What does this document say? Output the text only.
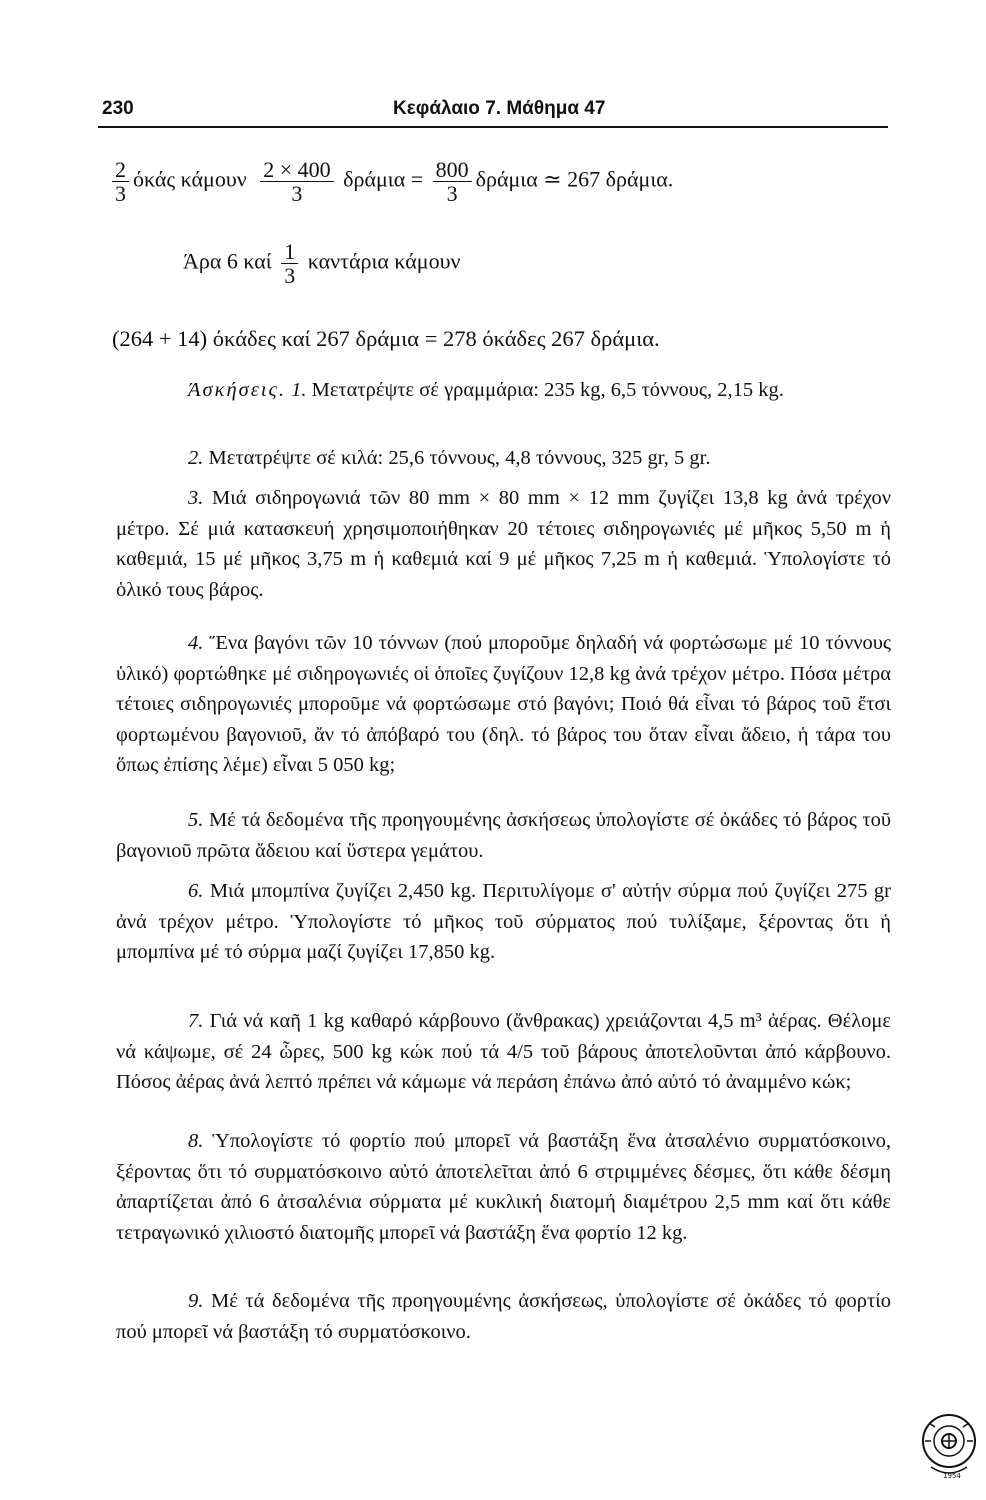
230	Κεφάλαιο 7. Μάθημα 47
$\frac{2}{3}$ όκάς κάμουν $\frac{2 \times 400}{3}$ $\delta\rho ά\mu\iota\alpha = \frac{800}{3}$ δράμια ≃ 267 δράμια.
Άρα 6 καί $\frac{1}{3}$ καντάρια κάμουν
(264 + 14) όκάδες καί 267 δράμια = 278 όκάδες 267 δράμια.
Άσκήσεις. 1. Μετατρέψτε σέ γραμμάρια: 235 kg, 6,5 τόννους, 2,15 kg.
2. Μετατρέψτε σέ κιλά: 25,6 τόννους, 4,8 τόννους, 325 gr, 5 gr.
3. Μιά σιδηρογωνιά τῶν 80 mm × 80 mm × 12 mm ζυγίζει 13,8 kg ἀνά τρέχον μέτρο. Σέ μιά κατασκευή χρησιμοποιήθηκαν 20 τέτοιες σιδηρογωνιές μέ μῆκος 5,50 m ἡ καθεμιά, 15 μέ μῆκος 3,75 m ἡ καθεμιά καί 9 μέ μῆκος 7,25 m ἡ καθεμιά. Ὑπολογίστε τό ὁλικό τους βάρος.
4. Ἕνα βαγόνι τῶν 10 τόννων (πού μποροῦμε δηλαδή νά φορτώσωμε μέ 10 τόννους ὑλικό) φορτώθηκε μέ σιδηρογωνιές οἱ ὁποῖες ζυγίζουν 12,8 kg ἀνά τρέχον μέτρο. Πόσα μέτρα τέτοιες σιδηρογωνιές μποροῦμε νά φορτώσωμε στό βαγόνι; Ποιό θά εἶναι τό βάρος τοῦ ἔτσι φορτωμένου βαγονιοῦ, ἄν τό ἀπόβαρό του (δηλ. τό βάρος του ὅταν εἶναι ἄδειο, ἡ τάρα του ὅπως ἐπίσης λέμε) εἶναι 5 050 kg;
5. Μέ τά δεδομένα τῆς προηγουμένης ἀσκήσεως ὑπολογίστε σέ ὀκάδες τό βάρος τοῦ βαγονιοῦ πρῶτα ἄδειου καί ὕστερα γεμάτου.
6. Μιά μπομπίνα ζυγίζει 2,450 kg. Περιτυλίγομε σ' αὐτήν σύρμα πού ζυγίζει 275 gr ἀνά τρέχον μέτρο. Ὑπολογίστε τό μῆκος τοῦ σύρματος πού τυλίξαμε, ξέροντας ὅτι ἡ μπομπίνα μέ τό σύρμα μαζί ζυγίζει 17,850 kg.
7. Γιά νά καῆ 1 kg καθαρό κάρβουνο (ἄνθρακας) χρειάζονται 4,5 m³ ἀέρας. Θέλομε νά κάψωμε, σέ 24 ὧρες, 500 kg κώκ πού τά 4/5 τοῦ βάρους ἀποτελοῦνται ἀπό κάρβουνο. Πόσος ἀέρας ἀνά λεπτό πρέπει νά κάμωμε νά περάση ἐπάνω ἀπό αὐτό τό ἀναμμένο κώκ;
8. Ὑπολογίστε τό φορτίο πού μπορεῖ νά βαστάξη ἕνα ἀτσαλένιο συρματόσκοινο, ξέροντας ὅτι τό συρματόσκοινο αὐτό ἀποτελεῖται ἀπό 6 στριμμένες δέσμες, ὅτι κάθε δέσμη ἀπαρτίζεται ἀπό 6 ἀτσαλένια σύρματα μέ κυκλική διατομή διαμέτρου 2,5 mm καί ὅτι κάθε τετραγωνικό χιλιοστό διατομῆς μπορεῖ νά βαστάξη ἕνα φορτίο 12 kg.
9. Μέ τά δεδομένα τῆς προηγουμένης ἀσκήσεως, ὑπολογίστε σέ ὀκάδες τό φορτίο πού μπορεῖ νά βαστάξη τό συρματόσκοινο.
1954
